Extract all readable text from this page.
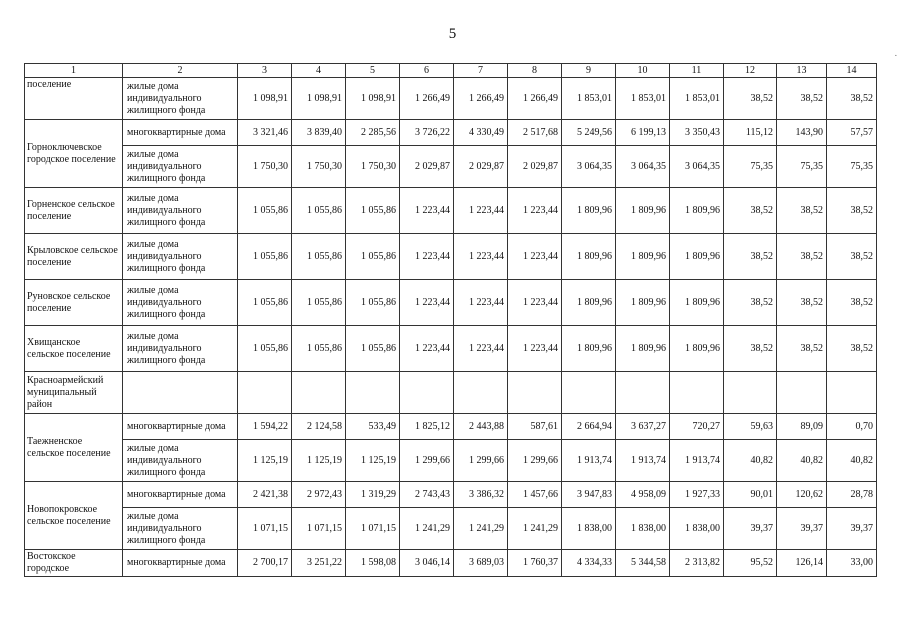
5
.
1	2	3	4	5	6	7	8	9	10	11	12	13	14
поселение	жилые дома индивидуального жилищного фонда	1 098,91	1 098,91	1 098,91	1 266,49	1 266,49	1 266,49	1 853,01	1 853,01	1 853,01	38,52	38,52	38,52
Горноключевское городское поселение	многоквартирные дома	3 321,46	3 839,40	2 285,56	3 726,22	4 330,49	2 517,68	5 249,56	6 199,13	3 350,43	115,12	143,90	57,57
	жилые дома индивидуального жилищного фонда	1 750,30	1 750,30	1 750,30	2 029,87	2 029,87	2 029,87	3 064,35	3 064,35	3 064,35	75,35	75,35	75,35
Горненское сельское поселение	жилые дома индивидуального жилищного фонда	1 055,86	1 055,86	1 055,86	1 223,44	1 223,44	1 223,44	1 809,96	1 809,96	1 809,96	38,52	38,52	38,52
Крыловское сельское поселение	жилые дома индивидуального жилищного фонда	1 055,86	1 055,86	1 055,86	1 223,44	1 223,44	1 223,44	1 809,96	1 809,96	1 809,96	38,52	38,52	38,52
Руновское сельское поселение	жилые дома индивидуального жилищного фонда	1 055,86	1 055,86	1 055,86	1 223,44	1 223,44	1 223,44	1 809,96	1 809,96	1 809,96	38,52	38,52	38,52
Хвищанское сельское поселение	жилые дома индивидуального жилищного фонда	1 055,86	1 055,86	1 055,86	1 223,44	1 223,44	1 223,44	1 809,96	1 809,96	1 809,96	38,52	38,52	38,52
Красноармейский муниципальный район													
Таежненское сельское поселение	многоквартирные дома	1 594,22	2 124,58	533,49	1 825,12	2 443,88	587,61	2 664,94	3 637,27	720,27	59,63	89,09	0,70
	жилые дома индивидуального жилищного фонда	1 125,19	1 125,19	1 125,19	1 299,66	1 299,66	1 299,66	1 913,74	1 913,74	1 913,74	40,82	40,82	40,82
Новопокровское сельское поселение	многоквартирные дома	2 421,38	2 972,43	1 319,29	2 743,43	3 386,32	1 457,66	3 947,83	4 958,09	1 927,33	90,01	120,62	28,78
	жилые дома индивидуального жилищного фонда	1 071,15	1 071,15	1 071,15	1 241,29	1 241,29	1 241,29	1 838,00	1 838,00	1 838,00	39,37	39,37	39,37
Востокское городское	многоквартирные дома	2 700,17	3 251,22	1 598,08	3 046,14	3 689,03	1 760,37	4 334,33	5 344,58	2 313,82	95,52	126,14	33,00
